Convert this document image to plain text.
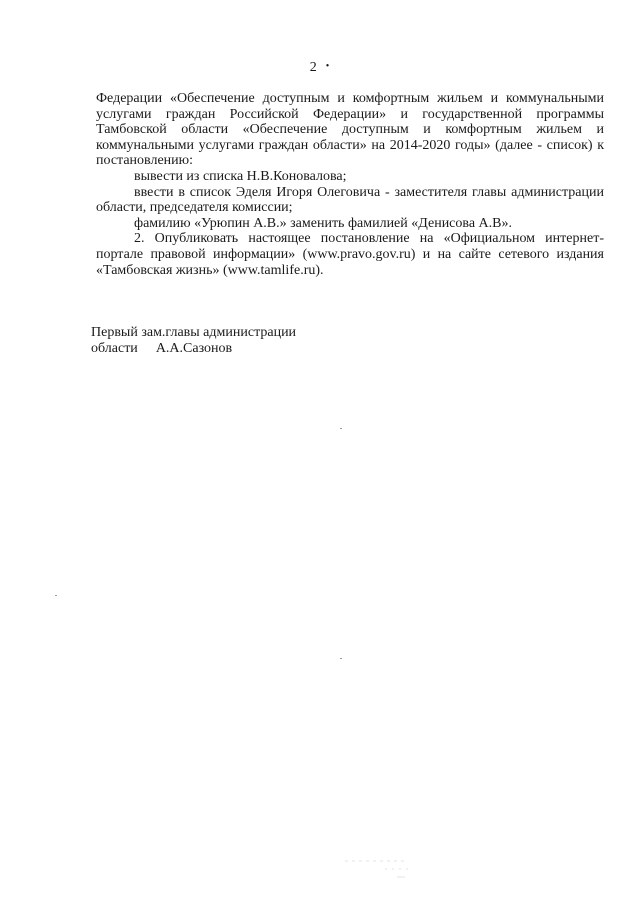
2 •

Федерации «Обеспечение доступным и комфортным жильем и коммунальными услугами граждан Российской Федерации» и государственной программы Тамбовской области «Обеспечение доступным и комфортным жильем и коммунальными услугами граждан области» на 2014-2020 годы» (далее - список) к постановлению:

вывести из списка Н.В.Коновалова;

ввести в список Эделя Игоря Олеговича - заместителя главы администрации области, председателя комиссии;

фамилию «Урюпин А.В.» заменить фамилией «Денисова А.В».

2. Опубликовать настоящее постановление на «Официальном интернет-портале правовой информации» (www.pravo.gov.ru) и на сайте сетевого издания «Тамбовская жизнь» (www.tamlife.ru).

Первый зам.главы администрации
области А.А.Сазонов
